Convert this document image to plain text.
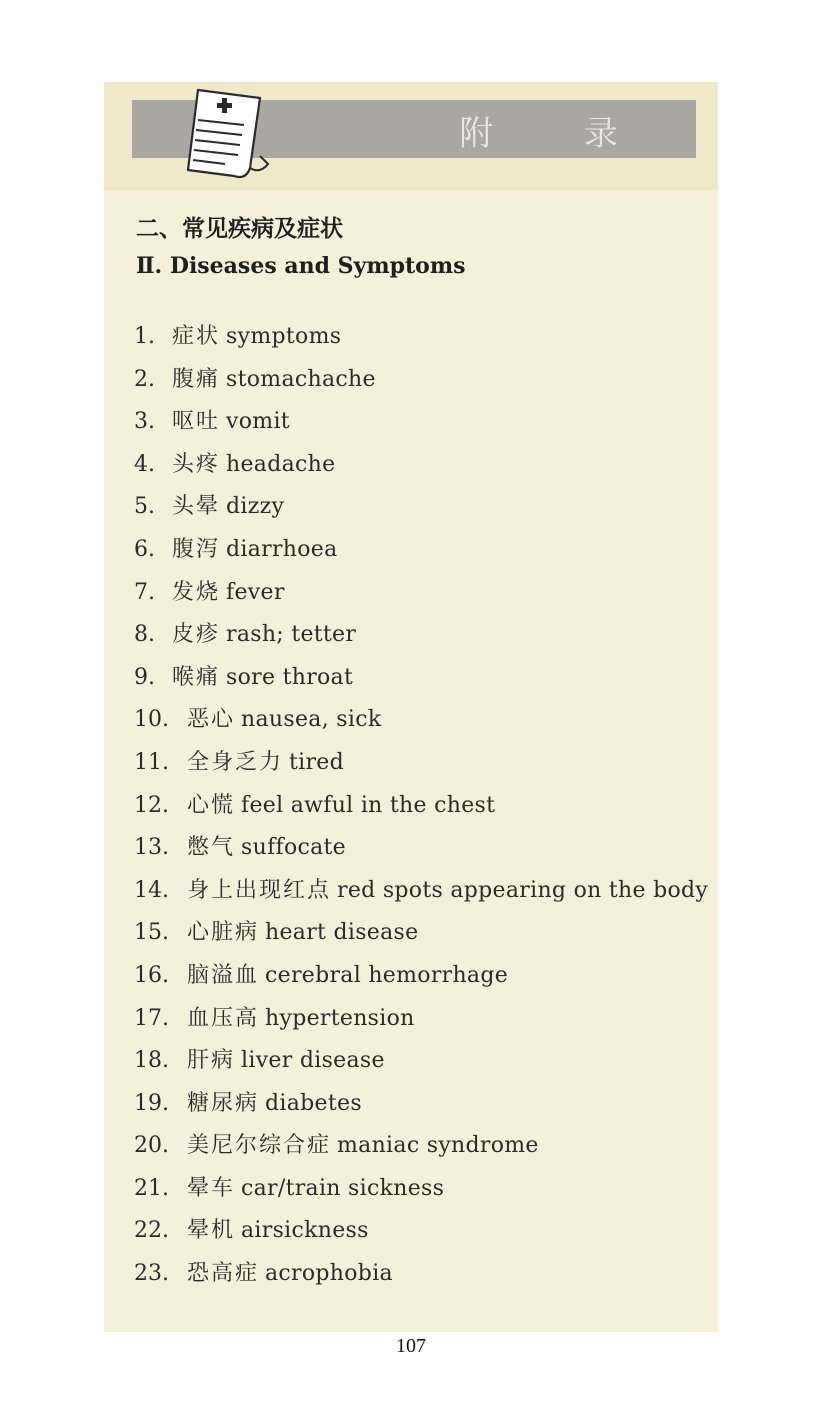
附 录
二、常见疾病及症状
Ⅱ. Diseases and Symptoms
1. 症状 symptoms
2. 腹痛 stomachache
3. 呕吐 vomit
4. 头疼 headache
5. 头晕 dizzy
6. 腹泻 diarrhoea
7. 发烧 fever
8. 皮疹 rash; tetter
9. 喉痛 sore throat
10. 恶心 nausea, sick
11. 全身乏力 tired
12. 心慌 feel awful in the chest
13. 憋气 suffocate
14. 身上出现红点 red spots appearing on the body
15. 心脏病 heart disease
16. 脑溢血 cerebral hemorrhage
17. 血压高 hypertension
18. 肝病 liver disease
19. 糖尿病 diabetes
20. 美尼尔综合症 maniac syndrome
21. 晕车 car/train sickness
22. 晕机 airsickness
23. 恐高症 acrophobia
107
